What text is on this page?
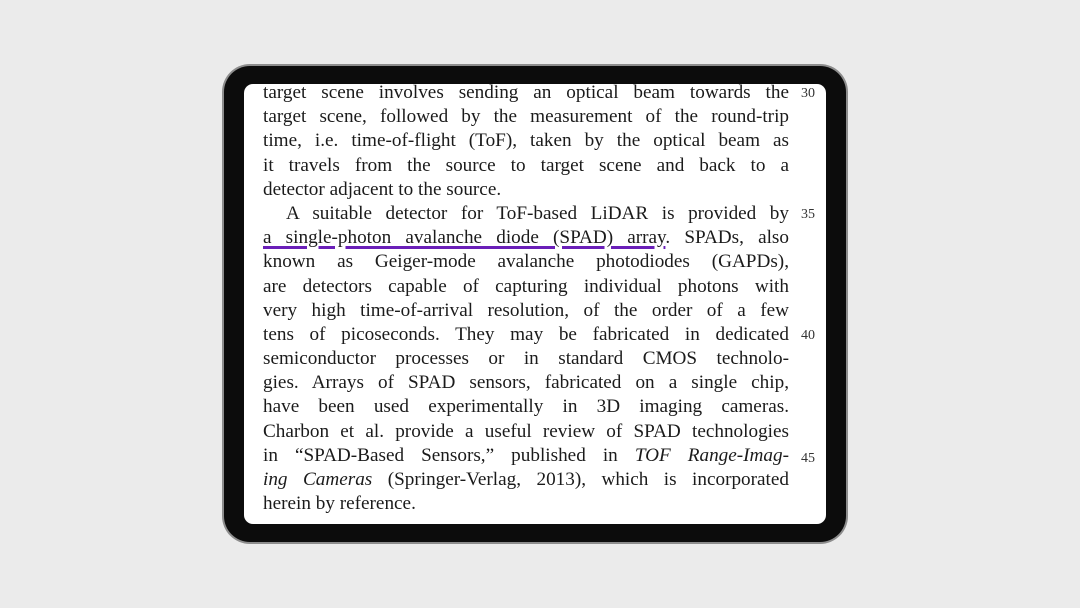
target scene involves sending an optical beam towards the
target scene, followed by the measurement of the round-trip
time, i.e. time-of-flight (ToF), taken by the optical beam as
it travels from the source to target scene and back to a
detector adjacent to the source.
A suitable detector for ToF-based LiDAR is provided by
a single-photon avalanche diode (SPAD) array. SPADs, also
known as Geiger-mode avalanche photodiodes (GAPDs),
are detectors capable of capturing individual photons with
very high time-of-arrival resolution, of the order of a few
tens of picoseconds. They may be fabricated in dedicated
semiconductor processes or in standard CMOS technolo-
gies. Arrays of SPAD sensors, fabricated on a single chip,
have been used experimentally in 3D imaging cameras.
Charbon et al. provide a useful review of SPAD technologies
in “SPAD-Based Sensors,” published in TOF Range-Imag-
ing Cameras (Springer-Verlag, 2013), which is incorporated
herein by reference.
30
35
40
45
